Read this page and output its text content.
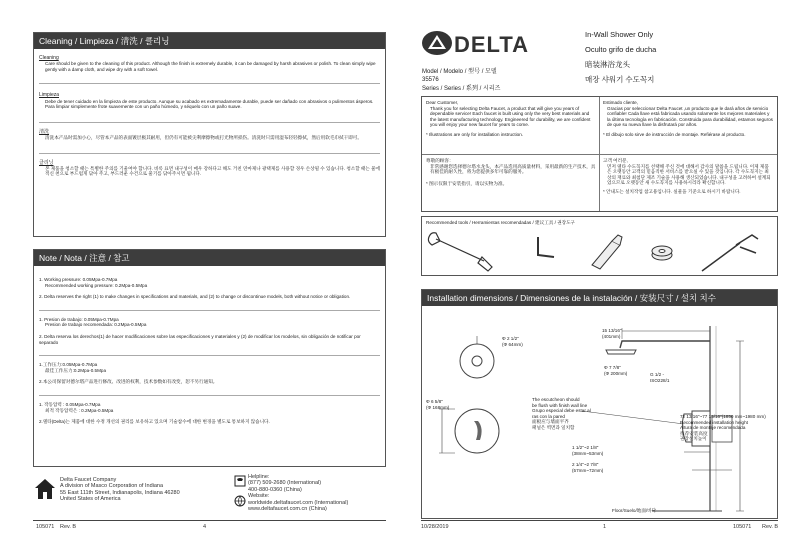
Cleaning / Limpieza / 清洗 / 클리닝
Cleaning
Care should be given to the cleaning of this product. Although the finish is extremely durable, it can be damaged by harsh abrasives or polish. To clean simply wipe gently with a damp cloth, and wipe dry with a soft towel.
Limpieza
Debe de tener cuidado en la limpieza de este producto. Aunque su acabado es extremadamente durable, puede ser dañado con abrasivos o pulimentos ásperos. Para limpiar simplemente frote suavemente con un paño húmedo, y séquelo con un paño suave.
清洗
清洗本产品时需加小心，尽管本产品的表面镀层极其耐用，但仍有可能被尖利摩擦物或打光物所损伤。清洗时只需用湿布轻轻擦拭，然后用软毛巾拭干即可。
클리닝
본 제품을 청소할 때는 특별한 주의를 기울여야 합니다. 비록 표면 내구성이 매우 강하다고 해도 거친 연마제나 광택제를 사용할 경우 손상될 수 있습니다. 청소할 때는 물에 적신 천으로 부드럽게 닦아 주고, 부드러운 수건으로 물기를 닦아주시면 됩니다.
Note / Nota / 注意 / 참고
1. Working pressure: 0.05Mpa-0.7Mpa
Recommended working pressure: 0.2Mpa-0.5Mpa
2. Delta reserves the right (1) to make changes in specifications and materials, and (2) to change or discontinue models, both without notice or obligation.
1. Presion de trabajo: 0.05Mpa-0.7Mpa
Presion de trabajo recomendada: 0.2Mpa-0.5Mpa
2. Delta reserva los derechos(1) de hacer modificaciones sobre las especificaciones y materiales y (2) de modificar los modelos, sin obligación de notificar por separado
1.工作压力:0.05Mpa-0.7Mpa
最佳工作压力:0.2Mpa-0.5Mpa
2.本公司保留对德尔塔产品进行修改、改进的权利，技术参数如有改变，恕不另行通知。
1. 작동압력 : 0.05Mpa-0.7Mpa
최적 작동압력은 : 0.2Mpa-0.5Mpa
2.델타(Delta)는 제품에 대한 수정 개선의 권리를 보유하고 있으며 기술참수에 대한 변경을 별도로 통보하지 않습니다.
Delta Faucet Company
A division of Masco Corporation of Indiana
55 East 111th Street, Indianapolis, Indiana 46280
United States of America
Helpline:
(877) 509-2680 (International)
400-880-0360 (China)
Website:
worldwide.deltafaucet.com (International)
www.deltafaucet.com.cn (China)
105071 Rev. B	4
DELTA	In-Wall Shower Only
Oculto grifo de ducha
暗装淋浴龙头
매장 샤워기 수도꼭지
Model / Modelo / 型号 / 모델
35576
Series / Series / 系列 / 시리즈
Dear Customer,
Thank you for selecting Delta Faucet, a product that will give you years of dependable service! Each faucet is built using only the very best materials and the latest manufacturing technology. Engineered for durability, we are confident you will enjoy your new faucet for years to come.
* Illustrations are only for installation instruction.
Estimado cliente,
Gracias por seleccionar Delta Faucet ,un producto que le dará años de servicio confiable! Cada llave está fabricada usando solamente los mejores materiales y la última tecnología en fabricación. Construida para durabilidad, estamos seguros de que su nueva llave la disfrutará por años.
* El dibujo solo sirve de instrucción de montaje. Refiérase al producto.
尊敬的顾客：
非常感谢您选择德尔塔水龙头，本产品选用高质量材料，采用最新的生产技术，具有极佳的耐久性，将为您提供多年可靠的服务。
* 图示仅限于安装指引，请以实物为准。
고객 여러분,
먼저 델타 수도꼭지를 선택해 주신 것에 대해서 감사의 말씀을 드립니다. 이제 제품은 오랫동안 고객의 믿음직한 서비스를 받으실 수 있을 것입니다. 각 수도꼭지는 최상의 재료와 최첨단 제조 기술을 사용해 생산되었습니다. 내구성을 고려하여 설계되었으므로 오랫동안 새 수도꼭지를 사용하시리라 확신합니다.
* 안내도는 설치작업 참고용입니다. 실물을 기준으로 하시기 바랍니다.
Recommended tools / Herramientas recomendadas / 建议工具 / 권장도구
Installation dimensions / Dimensiones de la instalación / 安装尺寸 / 설치 치수
15 13/16"
(401mm)
Φ 2 1/2"
(Φ 64mm)
Φ 7 7/8"
(Φ 200mm)	G 1/2 -
ISO228/1
Φ 6 5/8"
(Φ 168mm)
The escutcheon should
be flush with finish wall line
Grupo especial debe estar al
ras con la pared
面板应与墙面平齐
패널은 벽면과 일치함
1 1/2"~2 1/8"
(38mm~53mm)
2 1/4"~2 7/8"
(57mm~72mm)
72 13/16"~77 15/16"(1850 mm~1980 mm)
Recommended installation height
Altura de montaje recomendada
推荐安装高度
권장설치높이
Floor/Suelo/地面/바닥
10/28/2019	1	105071 Rev. B
